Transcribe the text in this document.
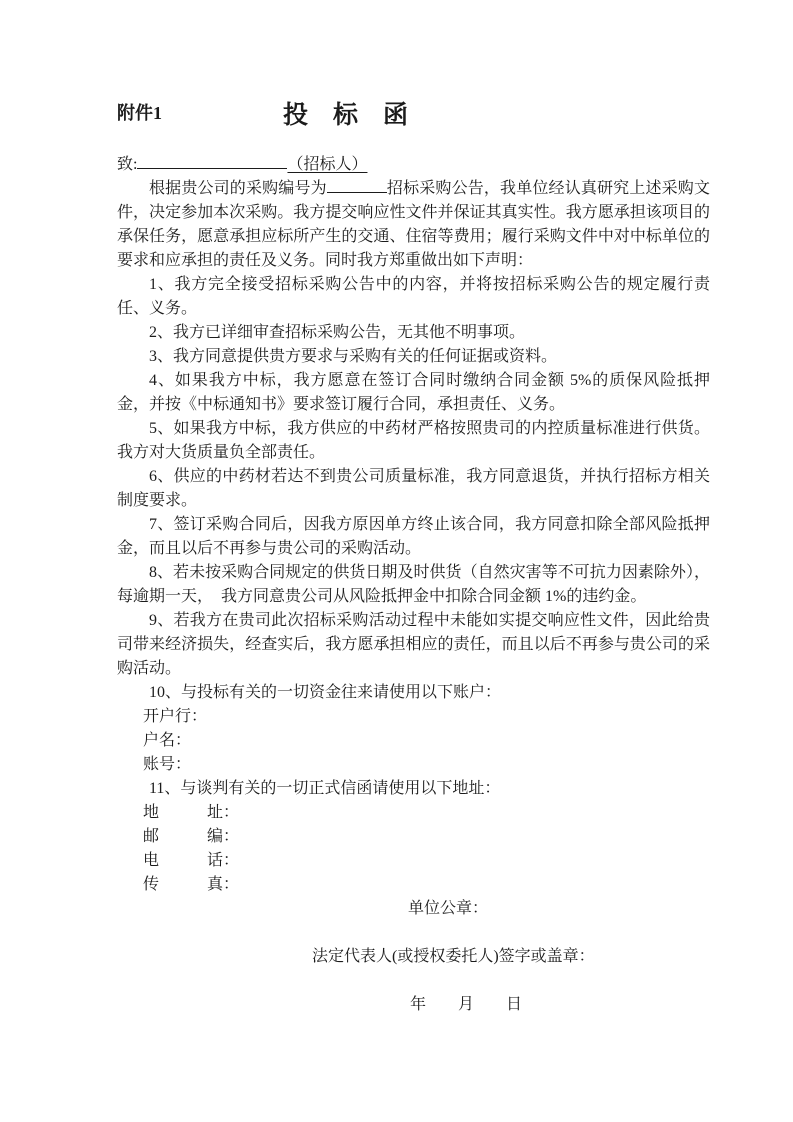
附件1	投　标　函
致:	（招标人）

根据贵公司的采购编号为	招标采购公告，我单位经认真研究上述采购文件，决定参加本次采购。我方提交响应性文件并保证其真实性。我方愿承担该项目的承保任务，愿意承担应标所产生的交通、住宿等费用；履行采购文件中对中标单位的要求和应承担的责任及义务。同时我方郑重做出如下声明：

1、我方完全接受招标采购公告中的内容，并将按招标采购公告的规定履行责任、义务。

2、我方已详细审查招标采购公告，无其他不明事项。

3、我方同意提供贵方要求与采购有关的任何证据或资料。

4、如果我方中标，我方愿意在签订合同时缴纳合同金额 5%的质保风险抵押金，并按《中标通知书》要求签订履行合同，承担责任、义务。

5、如果我方中标，我方供应的中药材严格按照贵司的内控质量标准进行供货。我方对大货质量负全部责任。

6、供应的中药材若达不到贵公司质量标准，我方同意退货，并执行招标方相关制度要求。

7、签订采购合同后，因我方原因单方终止该合同，我方同意扣除全部风险抵押金，而且以后不再参与贵公司的采购活动。

8、若未按采购合同规定的供货日期及时供货（自然灾害等不可抗力因素除外），每逾期一天，　我方同意贵公司从风险抵押金中扣除合同金额 1%的违约金。

9、若我方在贵司此次招标采购活动过程中未能如实提交响应性文件，因此给贵司带来经济损失，经查实后，我方愿承担相应的责任，而且以后不再参与贵公司的采购活动。

10、与投标有关的一切资金往来请使用以下账户：

开户行：

户名：

账号：

11、与谈判有关的一切正式信函请使用以下地址：

地　　　址：

邮　　　编：

电　　　话：

传　　　真：

单位公章：

法定代表人(或授权委托人)签字或盖章：

年　　月　　日
